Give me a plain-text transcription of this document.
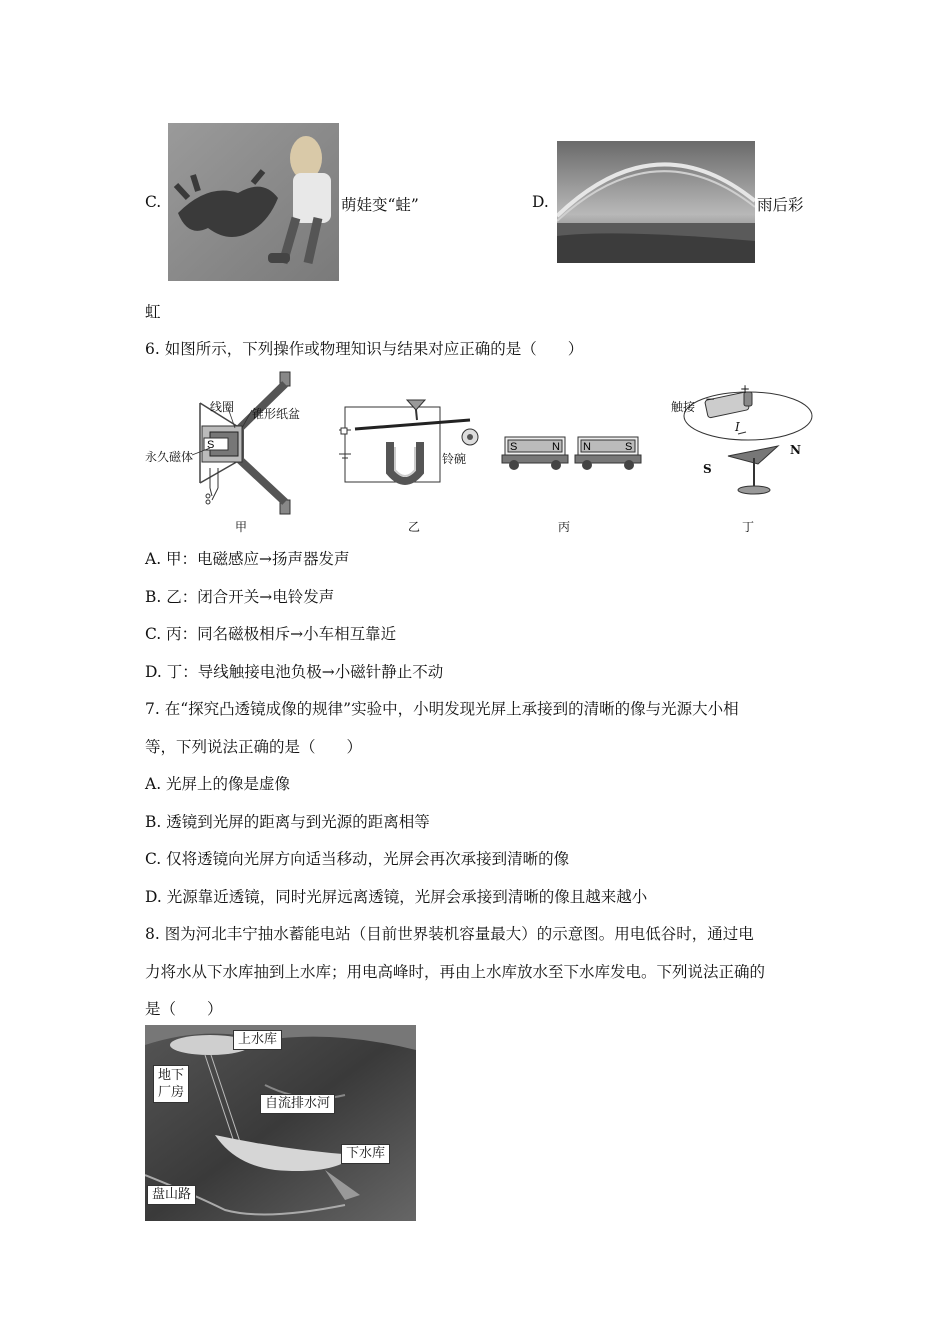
C.	萌娃变“蛙”	D.	雨后彩
虹
6. 如图所示，下列操作或物理知识与结果对应正确的是（　　）
S
线圈 锥形纸盆
永久磁体
甲
铃碗
乙
S	N N	S
丙
触接
−
+
I
S
N
丁
A. 甲：电磁感应→扬声器发声
B. 乙：闭合开关→电铃发声
C. 丙：同名磁极相斥→小车相互靠近
D. 丁：导线触接电池负极→小磁针静止不动
7. 在“探究凸透镜成像的规律”实验中，小明发现光屏上承接到的清晰的像与光源大小相
等，下列说法正确的是（　　）
A. 光屏上的像是虚像
B. 透镜到光屏的距离与到光源的距离相等
C. 仅将透镜向光屏方向适当移动，光屏会再次承接到清晰的像
D. 光源靠近透镜，同时光屏远离透镜，光屏会承接到清晰的像且越来越小
8. 图为河北丰宁抽水蓄能电站（目前世界装机容量最大）的示意图。用电低谷时，通过电
力将水从下水库抽到上水库；用电高峰时，再由上水库放水至下水库发电。下列说法正确的
是（　　）
上水库
地下
厂房
自流排水河
下水库
盘山路
